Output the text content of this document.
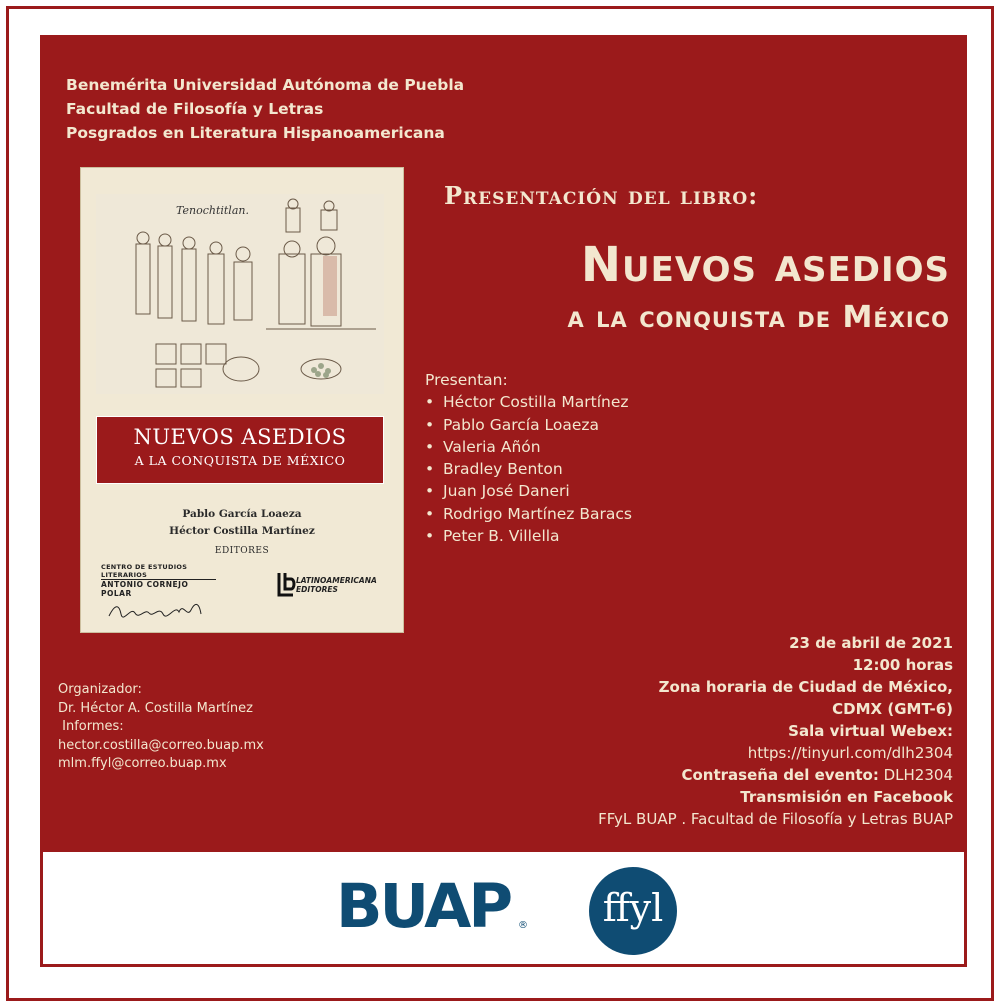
Benemérita Universidad Autónoma de Puebla
Facultad de Filosofía y Letras
Posgrados en Literatura Hispanoamericana
Tenochtitlan.
NUEVOS ASEDIOS
A LA CONQUISTA DE MÉXICO
Pablo García Loaeza
Héctor Costilla Martínez
EDITORES
CENTRO DE ESTUDIOS LITERARIOS
ANTONIO CORNEJO POLAR
LATINOAMERICANA
EDITORES
Presentación del libro:
Nuevos asedios
a la conquista de México
Presentan:
• Héctor Costilla Martínez
• Pablo García Loaeza
• Valeria Añón
• Bradley Benton
• Juan José Daneri
• Rodrigo Martínez Baracs
• Peter B. Villella
Organizador:
Dr. Héctor A. Costilla Martínez
Informes:
hector.costilla@correo.buap.mx
mlm.ffyl@correo.buap.mx
23 de abril de 2021
12:00 horas
Zona horaria de Ciudad de México,
CDMX (GMT-6)
Sala virtual Webex:
https://tinyurl.com/dlh2304
Contraseña del evento: DLH2304
Transmisión en Facebook
FFyL BUAP . Facultad de Filosofía y Letras BUAP
BUAP ®	ffyl
